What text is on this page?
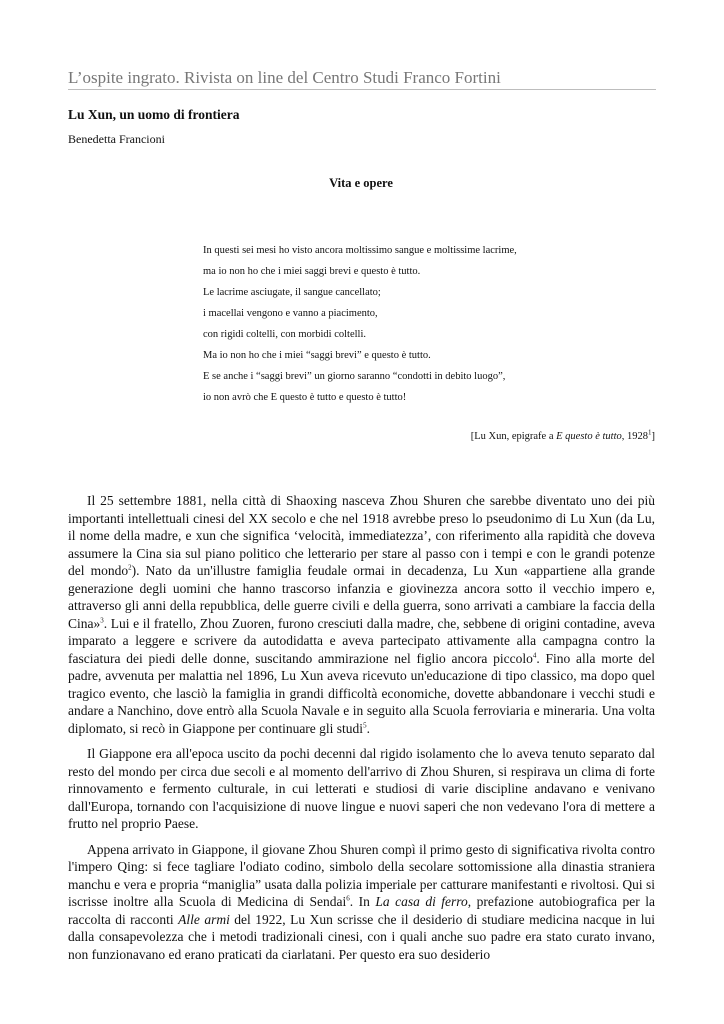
L’ospite ingrato. Rivista on line del Centro Studi Franco Fortini
Lu Xun, un uomo di frontiera
Benedetta Francioni
Vita e opere
In questi sei mesi ho visto ancora moltissimo sangue e moltissime lacrime,
ma io non ho che i miei saggi brevi e questo è tutto.
Le lacrime asciugate, il sangue cancellato;
i macellai vengono e vanno a piacimento,
con rigidi coltelli, con morbidi coltelli.
Ma io non ho che i miei “saggi brevi” e questo è tutto.
E se anche i “saggi brevi” un giorno saranno “condotti in debito luogo”,
io non avrò che E questo è tutto e questo è tutto!
[Lu Xun, epigrafe a E questo è tutto, 1928$^1$]

Il 25 settembre 1881, nella città di Shaoxing nasceva Zhou Shuren che sarebbe diventato uno dei più importanti intellettuali cinesi del XX secolo e che nel 1918 avrebbe preso lo pseudonimo di Lu Xun (da Lu, il nome della madre, e xun che significa ‘velocità, immediatezza’, con riferimento alla rapidità che doveva assumere la Cina sia sul piano politico che letterario per stare al passo con i tempi e con le grandi potenze del mondo$^2$). Nato da un'illustre famiglia feudale ormai in decadenza, Lu Xun «appartiene alla grande generazione degli uomini che hanno trascorso infanzia e giovinezza ancora sotto il vecchio impero e, attraverso gli anni della repubblica, delle guerre civili e della guerra, sono arrivati a cambiare la faccia della Cina»$^3$. Lui e il fratello, Zhou Zuoren, furono cresciuti dalla madre, che, sebbene di origini contadine, aveva imparato a leggere e scrivere da autodidatta e aveva partecipato attivamente alla campagna contro la fasciatura dei piedi delle donne, suscitando ammirazione nel figlio ancora piccolo$^4$. Fino alla morte del padre, avvenuta per malattia nel 1896, Lu Xun aveva ricevuto un'educazione di tipo classico, ma dopo quel tragico evento, che lasciò la famiglia in grandi difficoltà economiche, dovette abbandonare i vecchi studi e andare a Nanchino, dove entrò alla Scuola Navale e in seguito alla Scuola ferroviaria e mineraria. Una volta diplomato, si recò in Giappone per continuare gli studi$^5$.

Il Giappone era all'epoca uscito da pochi decenni dal rigido isolamento che lo aveva tenuto separato dal resto del mondo per circa due secoli e al momento dell'arrivo di Zhou Shuren, si respirava un clima di forte rinnovamento e fermento culturale, in cui letterati e studiosi di varie discipline andavano e venivano dall'Europa, tornando con l'acquisizione di nuove lingue e nuovi saperi che non vedevano l'ora di mettere a frutto nel proprio Paese.

Appena arrivato in Giappone, il giovane Zhou Shuren compì il primo gesto di significativa rivolta contro l'impero Qing: si fece tagliare l'odiato codino, simbolo della secolare sottomissione alla dinastia straniera manchu e vera e propria “maniglia” usata dalla polizia imperiale per catturare manifestanti e rivoltosi. Qui si iscrisse inoltre alla Scuola di Medicina di Sendai$^6$. In La casa di ferro, prefazione autobiografica per la raccolta di racconti Alle armi del 1922, Lu Xun scrisse che il desiderio di studiare medicina nacque in lui dalla consapevolezza che i metodi tradizionali cinesi, con i quali anche suo padre era stato curato invano, non funzionavano ed erano praticati da ciarlatani. Per questo era suo desiderio
